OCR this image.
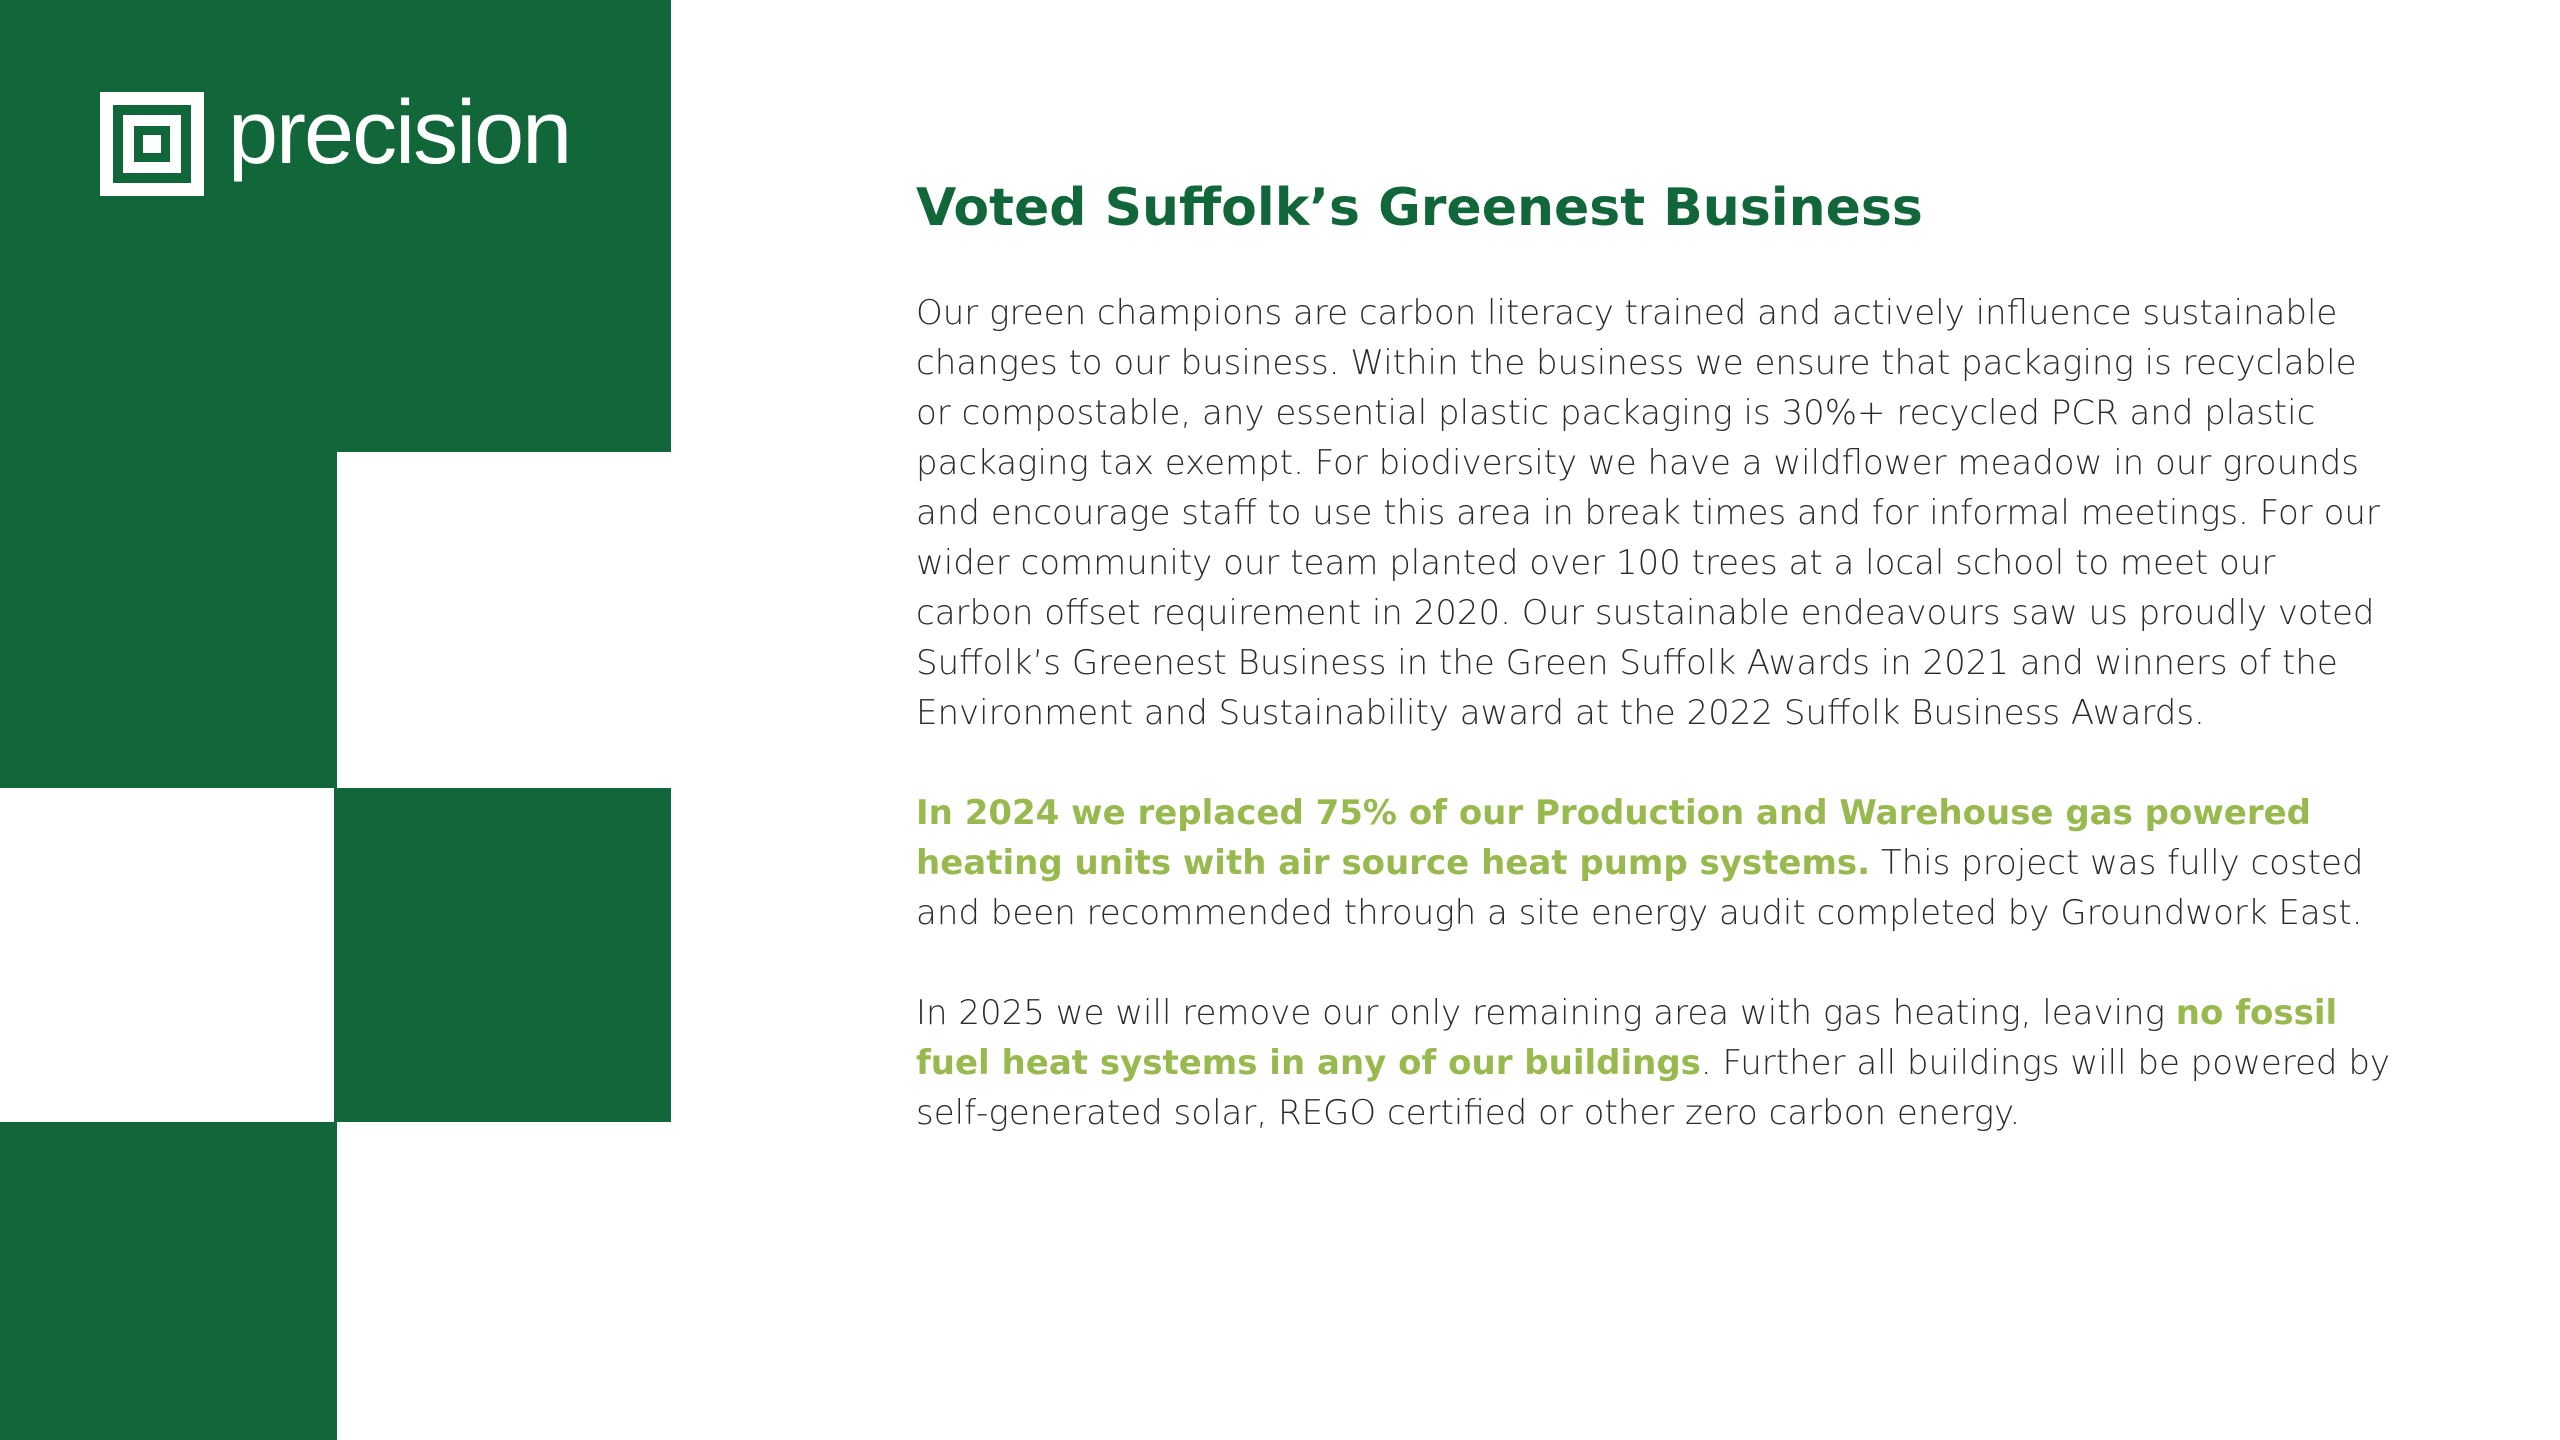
precision
Voted Suffolk’s Greenest Business

Our green champions are carbon literacy trained and actively influence sustainable changes to our business. Within the business we ensure that packaging is recyclable or compostable, any essential plastic packaging is 30%+ recycled PCR and plastic packaging tax exempt. For biodiversity we have a wildflower meadow in our grounds and encourage staff to use this area in break times and for informal meetings. For our wider community our team planted over 100 trees at a local school to meet our carbon offset requirement in 2020. Our sustainable endeavours saw us proudly voted Suffolk’s Greenest Business in the Green Suffolk Awards in 2021 and winners of the Environment and Sustainability award at the 2022 Suffolk Business Awards.

In 2024 we replaced 75% of our Production and Warehouse gas powered heating units with air source heat pump systems. This project was fully costed and been recommended through a site energy audit completed by Groundwork East.

In 2025 we will remove our only remaining area with gas heating, leaving no fossil fuel heat systems in any of our buildings. Further all buildings will be powered by self-generated solar, REGO certified or other zero carbon energy.
